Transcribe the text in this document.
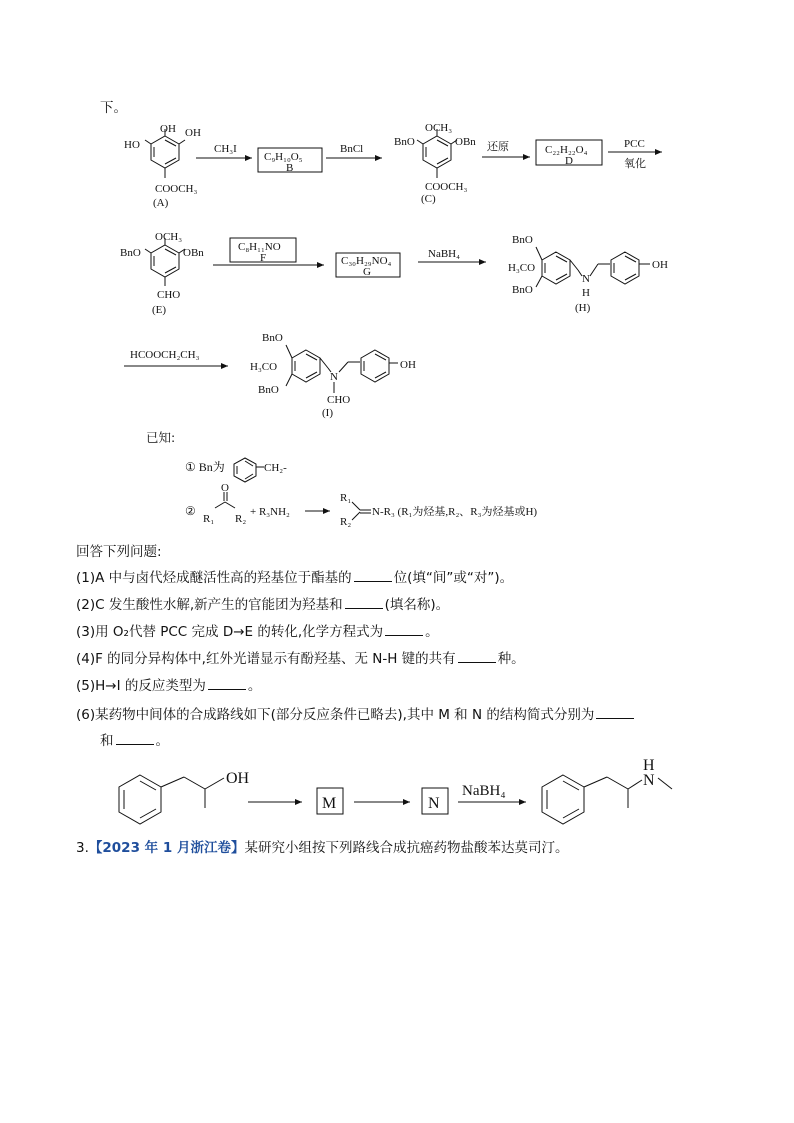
下。
OH OH
HO
COOCH₃
(A)
CH₃I
C₉H₁₀O₅
B
BnCl
OCH₃
BnO	OBn
COOCH₃
(C)
还原	C₂₂H₂₂O₄
D
PCC
氧化
OCH₃
BnO	OBn
CHO
(E)
C₈H₁₁NO
F	C₃₀H₂₉NO₄
G
NaBH₄
BnO
H₃CO
BnO
OH
N
H
(H)
HCOOCH₂CH₃
BnO
H₃CO
BnO
OH
N
CHO
(I)
① Bn为	CH₂-
②
O
R₁ R₂
+ R₃NH₂
R₁
R₂
N-R₃ (R₁为烃基,R₂、R₃为烃基或H)
OH
M	N
NaBH₄
H
N
已知:
回答下列问题:
(1)A 中与卤代烃成醚活性高的羟基位于酯基的	位(填“间”或“对”)。
(2)C 发生酸性水解,新产生的官能团为羟基和	(填名称)。
(3)用 O₂代替 PCC 完成 D→E 的转化,化学方程式为	。
(4)F 的同分异构体中,红外光谱显示有酚羟基、无 N-H 键的共有	种。
(5)H→I 的反应类型为	。
(6)某药物中间体的合成路线如下(部分反应条件已略去),其中 M 和 N 的结构简式分别为
和	。
3.【2023 年 1 月浙江卷】某研究小组按下列路线合成抗癌药物盐酸苯达莫司汀。
